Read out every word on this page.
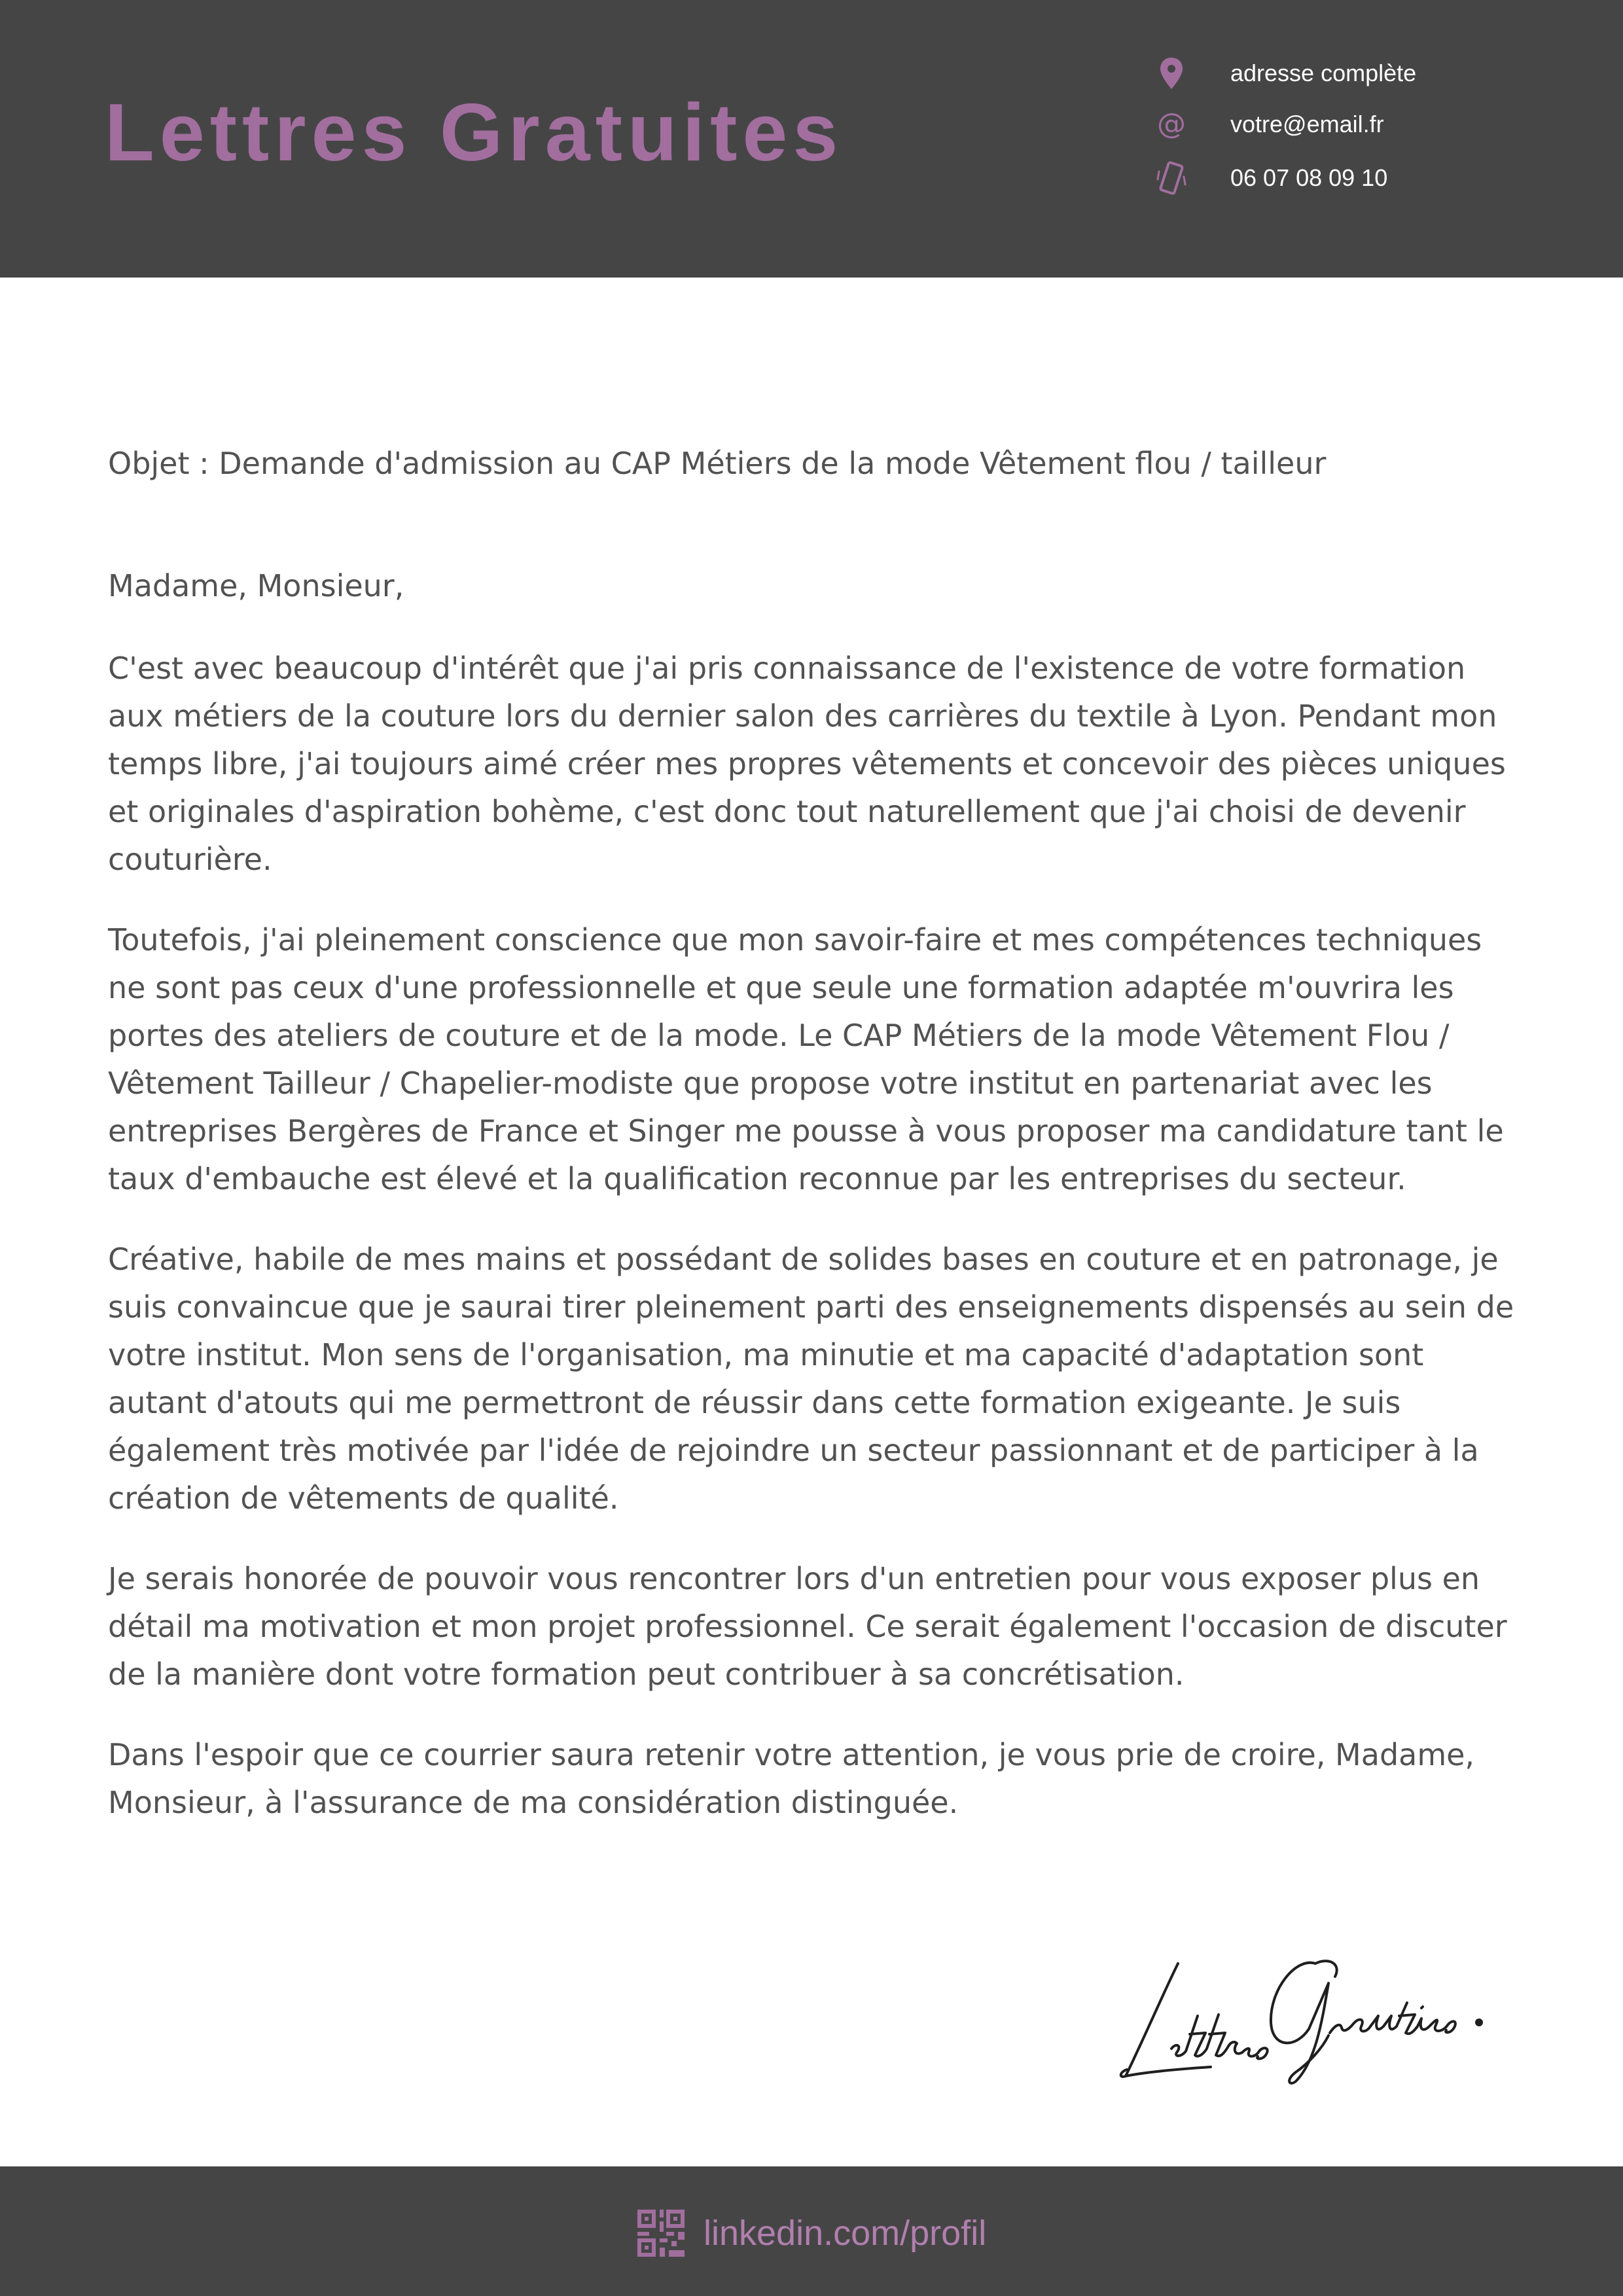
Lettres Gratuites
adresse complète
@ votre@email.fr
06 07 08 09 10
Objet : Demande d'admission au CAP Métiers de la mode Vêtement flou / tailleur
Madame, Monsieur,

C'est avec beaucoup d'intérêt que j'ai pris connaissance de l'existence de votre formation aux métiers de la couture lors du dernier salon des carrières du textile à Lyon. Pendant mon temps libre, j'ai toujours aimé créer mes propres vêtements et concevoir des pièces uniques et originales d'aspiration bohème, c'est donc tout naturellement que j'ai choisi de devenir couturière.

Toutefois, j'ai pleinement conscience que mon savoir-faire et mes compétences techniques ne sont pas ceux d'une professionnelle et que seule une formation adaptée m'ouvrira les portes des ateliers de couture et de la mode. Le CAP Métiers de la mode Vêtement Flou / Vêtement Tailleur / Chapelier-modiste que propose votre institut en partenariat avec les entreprises Bergères de France et Singer me pousse à vous proposer ma candidature tant le taux d'embauche est élevé et la qualification reconnue par les entreprises du secteur.

Créative, habile de mes mains et possédant de solides bases en couture et en patronage, je suis convaincue que je saurai tirer pleinement parti des enseignements dispensés au sein de votre institut. Mon sens de l'organisation, ma minutie et ma capacité d'adaptation sont autant d'atouts qui me permettront de réussir dans cette formation exigeante. Je suis également très motivée par l'idée de rejoindre un secteur passionnant et de participer à la création de vêtements de qualité.

Je serais honorée de pouvoir vous rencontrer lors d'un entretien pour vous exposer plus en détail ma motivation et mon projet professionnel. Ce serait également l'occasion de discuter de la manière dont votre formation peut contribuer à sa concrétisation.

Dans l'espoir que ce courrier saura retenir votre attention, je vous prie de croire, Madame, Monsieur, à l'assurance de ma considération distinguée.

linkedin.com/profil
